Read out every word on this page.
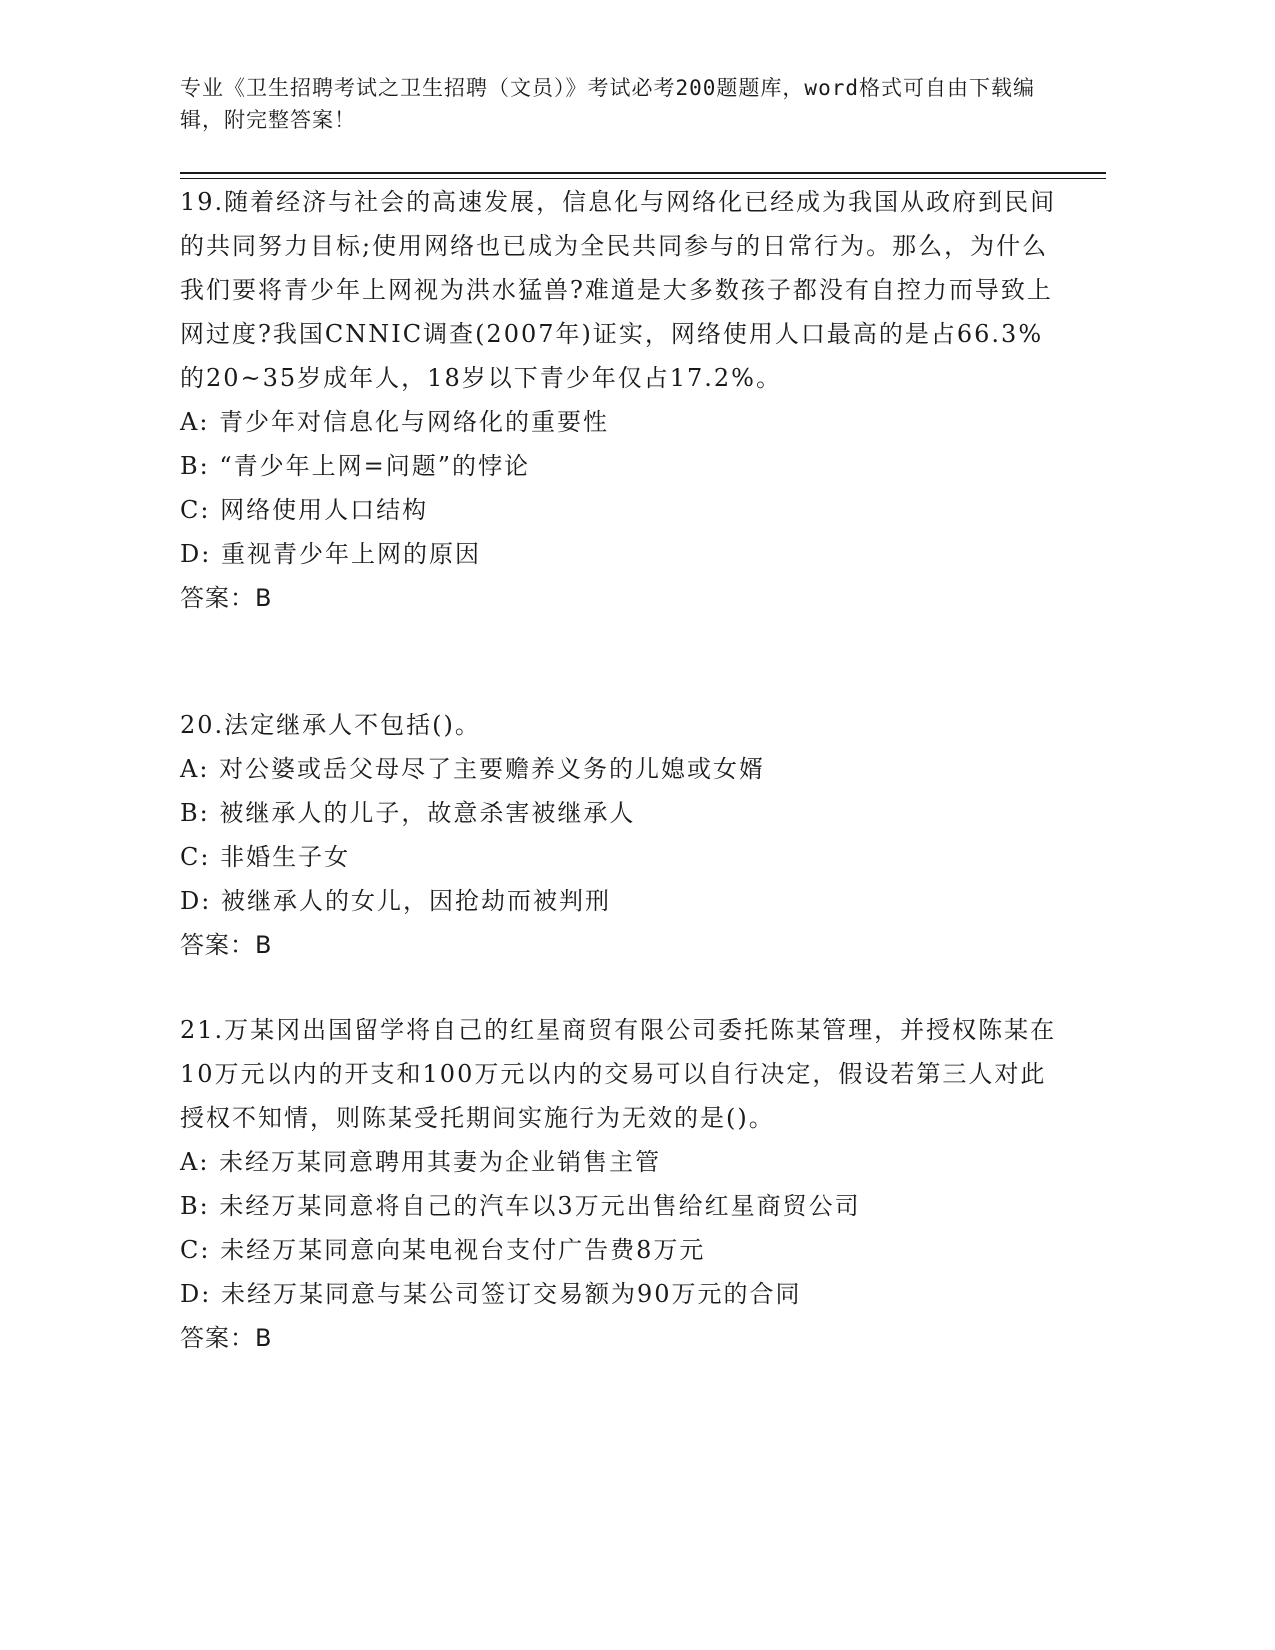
专业《卫生招聘考试之卫生招聘（文员）》考试必考200题题库，word格式可自由下载编辑，附完整答案！
19.随着经济与社会的高速发展，信息化与网络化已经成为我国从政府到民间的共同努力目标;使用网络也已成为全民共同参与的日常行为。那么，为什么我们要将青少年上网视为洪水猛兽?难道是大多数孩子都没有自控力而导致上网过度?我国CNNIC调查(2007年)证实，网络使用人口最高的是占66.3%的20~35岁成年人，18岁以下青少年仅占17.2%。
A: 青少年对信息化与网络化的重要性
B: “青少年上网=问题”的悖论
C: 网络使用人口结构
D: 重视青少年上网的原因
答案：B
20.法定继承人不包括()。
A: 对公婆或岳父母尽了主要赡养义务的儿媳或女婿
B: 被继承人的儿子，故意杀害被继承人
C: 非婚生子女
D: 被继承人的女儿，因抢劫而被判刑
答案：B
21.万某冈出国留学将自己的红星商贸有限公司委托陈某管理，并授权陈某在10万元以内的开支和100万元以内的交易可以自行决定，假设若第三人对此授权不知情，则陈某受托期间实施行为无效的是()。
A: 未经万某同意聘用其妻为企业销售主管
B: 未经万某同意将自己的汽车以3万元出售给红星商贸公司
C: 未经万某同意向某电视台支付广告费8万元
D: 未经万某同意与某公司签订交易额为90万元的合同
答案：B
